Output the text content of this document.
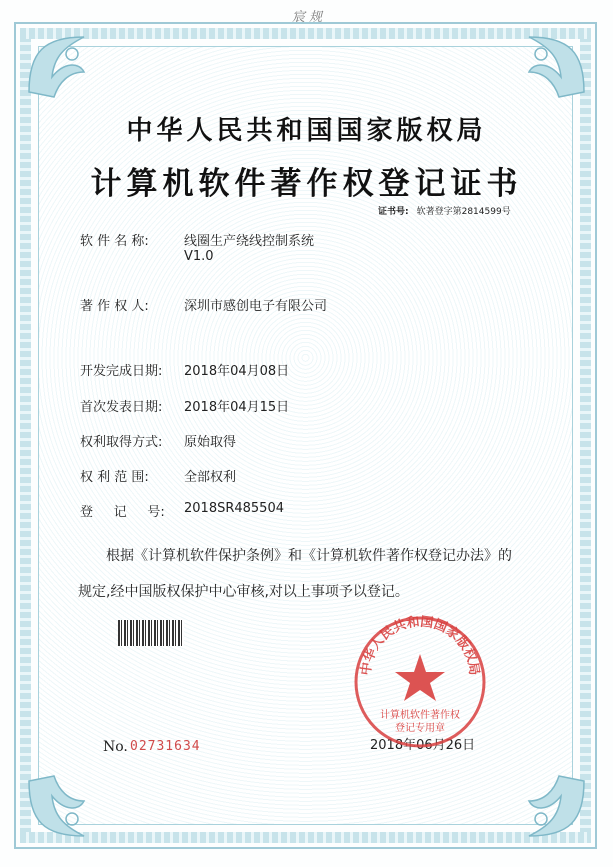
宸 规
中华人民共和国国家版权局
计算机软件著作权登记证书
证书号: 软著登字第2814599号
软 件 名 称:	线圈生产绕线控制系统
V1.0
著 作 权 人:	深圳市感创电子有限公司
开发完成日期: 2018年04月08日
首次发表日期: 2018年04月15日
权利取得方式: 原始取得
权 利 范 围:	全部权利
登     记     号: 2018SR485504
根据《计算机软件保护条例》和《计算机软件著作权登记办法》的
规定,经中国版权保护中心审核,对以上事项予以登记。
No. 02731634	2018年06月26日
中华人民共和国国家版权局
计算机软件著作权
登记专用章
